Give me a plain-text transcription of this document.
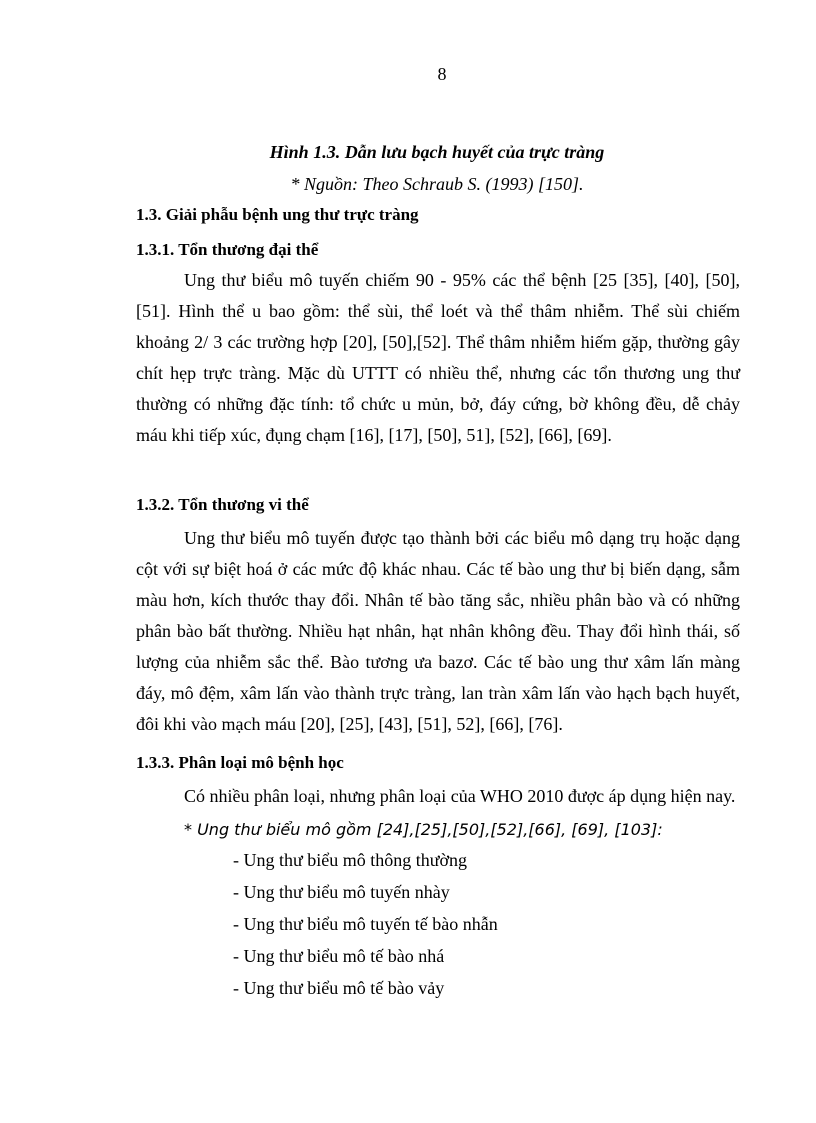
8
Hình 1.3. Dẫn lưu bạch huyết của trực tràng
* Nguồn: Theo Schraub S. (1993) [150].
1.3. Giải phẫu bệnh ung thư trực tràng
1.3.1. Tổn thương đại thể
Ung thư biểu mô tuyến chiếm 90 - 95% các thể bệnh [25 [35], [40], [50], [51]. Hình thể u bao gồm: thể sùi, thể loét và thể thâm nhiễm. Thể sùi chiếm khoảng 2/ 3 các trường hợp [20], [50],[52]. Thể thâm nhiễm hiếm gặp, thường gây chít hẹp trực tràng. Mặc dù UTTT có nhiều thể, nhưng các tổn thương ung thư thường có những đặc tính: tổ chức u mủn, bở, đáy cứng, bờ không đều, dễ chảy máu khi tiếp xúc, đụng chạm [16], [17], [50], 51], [52], [66], [69].
1.3.2. Tổn thương vi thể
Ung thư biểu mô tuyến được tạo thành bởi các biểu mô dạng trụ hoặc dạng cột với sự biệt hoá ở các mức độ khác nhau. Các tế bào ung thư bị biến dạng, sẫm màu hơn, kích thước thay đổi. Nhân tế bào tăng sắc, nhiều phân bào và có những phân bào bất thường. Nhiều hạt nhân, hạt nhân không đều. Thay đổi hình thái, số lượng của nhiễm sắc thể. Bào tương ưa bazơ. Các tế bào ung thư xâm lấn màng đáy, mô đệm, xâm lấn vào thành trực tràng, lan tràn xâm lấn vào hạch bạch huyết, đôi khi vào mạch máu [20], [25], [43], [51], 52], [66], [76].
1.3.3. Phân loại mô bệnh học
Có nhiều phân loại, nhưng phân loại của WHO 2010 được áp dụng hiện nay.
* Ung thư biểu mô gồm [24],[25],[50],[52],[66], [69], [103]:
- Ung thư biểu mô thông thường
- Ung thư biểu mô tuyến nhày
- Ung thư biểu mô tuyến tế bào nhẫn
- Ung thư biểu mô tế bào nhá
- Ung thư biểu mô tế bào vảy
